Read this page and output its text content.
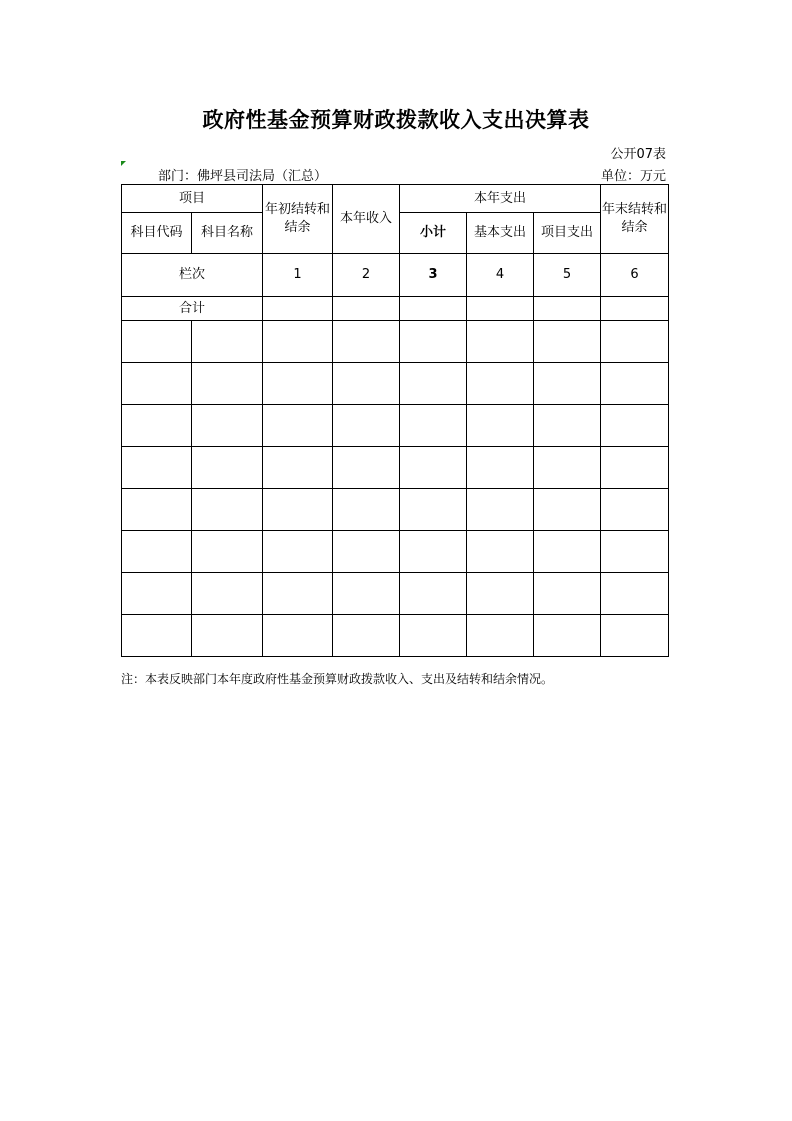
政府性基金预算财政拨款收入支出决算表
公开07表
部门：佛坪县司法局（汇总）	单位：万元
项目		年初结转和结余	本年收入	本年支出			年末结转和结余
科目代码	科目名称			小计	基本支出	项目支出	
栏次		1	2	3	4	5	6
合计							

注：本表反映部门本年度政府性基金预算财政拨款收入、支出及结转和结余情况。
